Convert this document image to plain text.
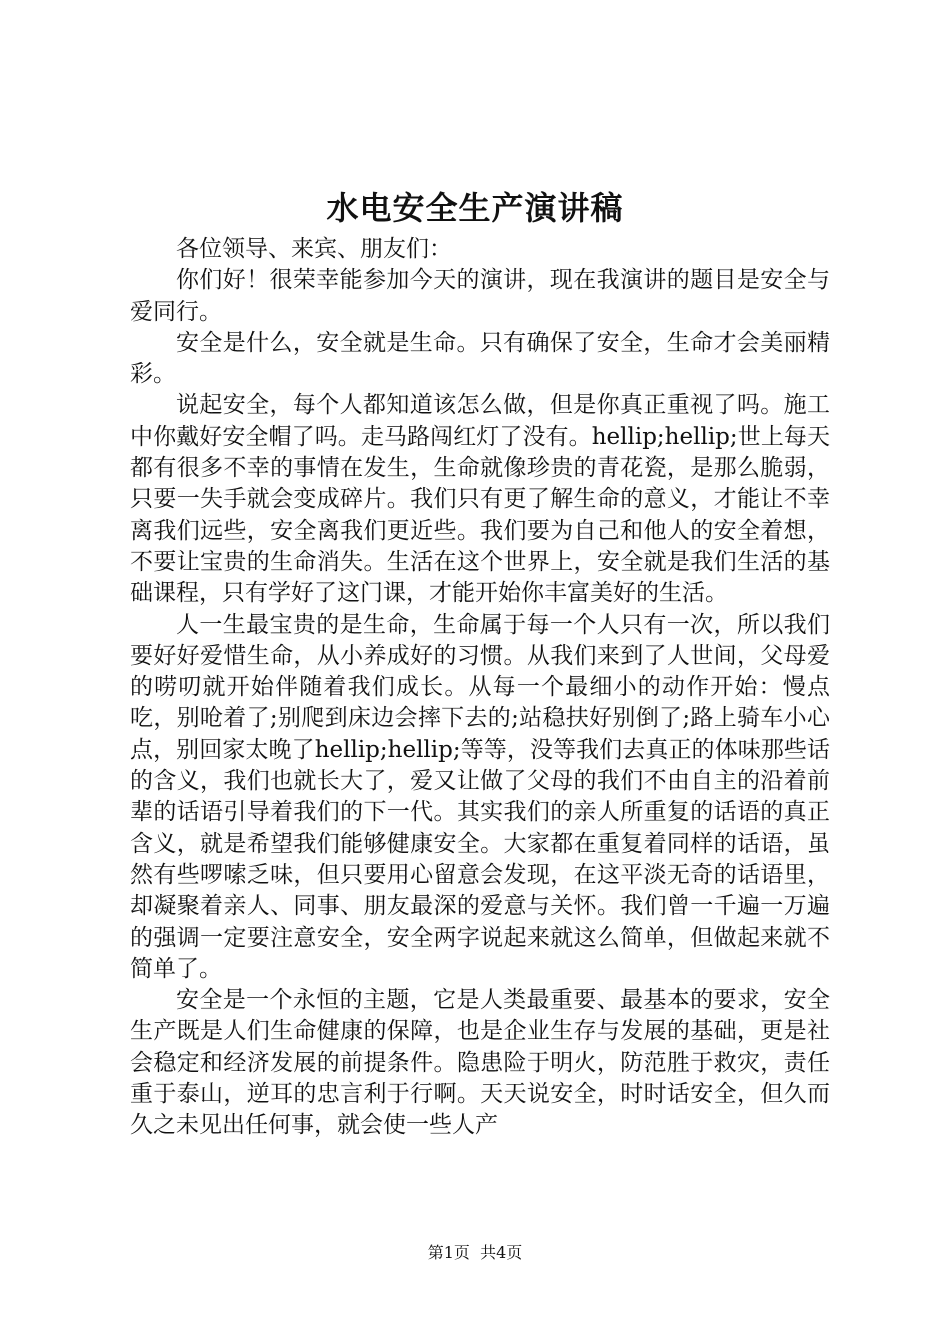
水电安全生产演讲稿

各位领导、来宾、朋友们：

你们好！很荣幸能参加今天的演讲，现在我演讲的题目是安全与爱同行。

安全是什么，安全就是生命。只有确保了安全，生命才会美丽精彩。

说起安全，每个人都知道该怎么做，但是你真正重视了吗。施工中你戴好安全帽了吗。走马路闯红灯了没有。hellip;hellip;世上每天都有很多不幸的事情在发生，生命就像珍贵的青花瓷，是那么脆弱，只要一失手就会变成碎片。我们只有更了解生命的意义，才能让不幸离我们远些，安全离我们更近些。我们要为自己和他人的安全着想，不要让宝贵的生命消失。生活在这个世界上，安全就是我们生活的基础课程，只有学好了这门课，才能开始你丰富美好的生活。

人一生最宝贵的是生命，生命属于每一个人只有一次，所以我们要好好爱惜生命，从小养成好的习惯。从我们来到了人世间，父母爱的唠叨就开始伴随着我们成长。从每一个最细小的动作开始：慢点吃，别呛着了;别爬到床边会摔下去的;站稳扶好别倒了;路上骑车小心点，别回家太晚了hellip;hellip;等等，没等我们去真正的体味那些话的含义，我们也就长大了，爱又让做了父母的我们不由自主的沿着前辈的话语引导着我们的下一代。其实我们的亲人所重复的话语的真正含义，就是希望我们能够健康安全。大家都在重复着同样的话语，虽然有些啰嗦乏味，但只要用心留意会发现，在这平淡无奇的话语里，却凝聚着亲人、同事、朋友最深的爱意与关怀。我们曾一千遍一万遍的强调一定要注意安全，安全两字说起来就这么简单，但做起来就不简单了。

安全是一个永恒的主题，它是人类最重要、最基本的要求，安全生产既是人们生命健康的保障，也是企业生存与发展的基础，更是社会稳定和经济发展的前提条件。隐患险于明火，防范胜于救灾，责任重于泰山，逆耳的忠言利于行啊。天天说安全，时时话安全，但久而久之未见出任何事，就会使一些人产

第1页  共4页
